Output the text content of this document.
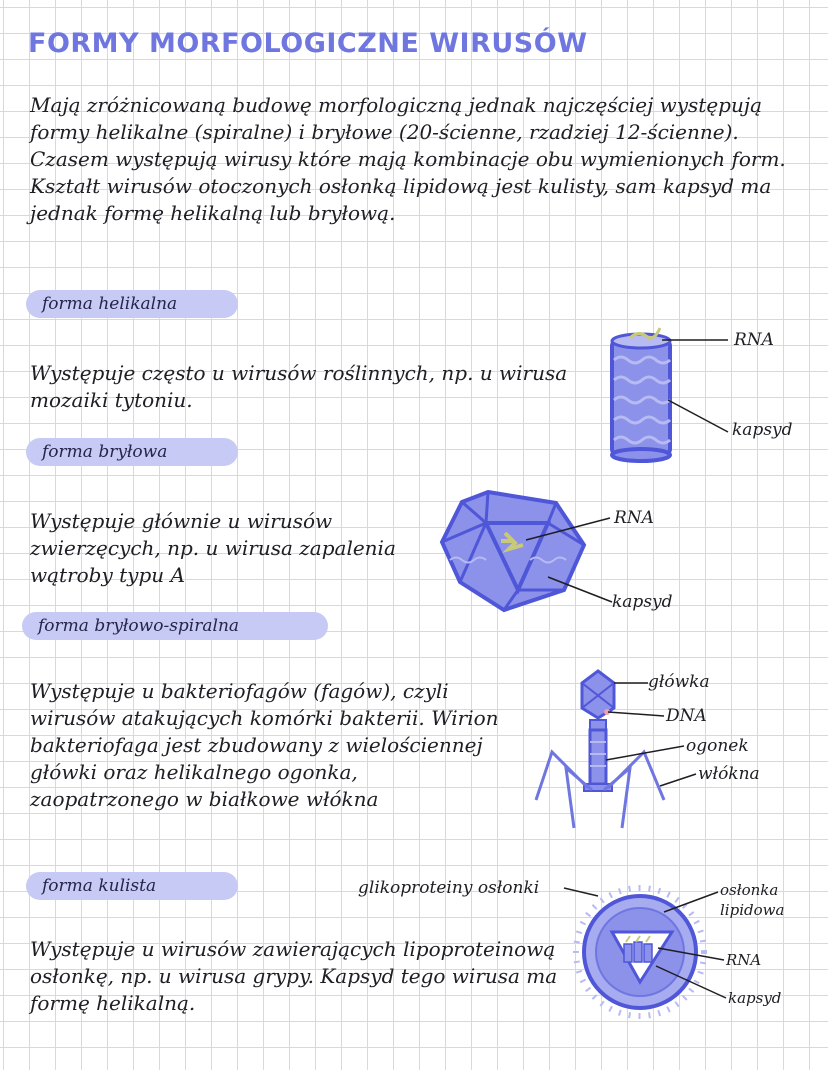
FORMY MORFOLOGICZNE WIRUSÓW

Mają zróżnicowaną budowę morfologiczną jednak najczęściej występują formy helikalne (spiralne) i bryłowe (20-ścienne, rzadziej 12-ścienne). Czasem występują wirusy które mają kombinacje obu wymienionych form. Kształt wirusów otoczonych osłonką lipidową jest kulisty, sam kapsyd ma jednak formę helikalną lub bryłową.

forma helikalna

Występuje często u wirusów roślinnych, np. u wirusa mozaiki tytoniu.

forma bryłowa

Występuje głównie u wirusów zwierzęcych, np. u wirusa zapalenia wątroby typu A

forma bryłowo-spiralna

Występuje u bakteriofagów (fagów), czyli wirusów atakujących komórki bakterii. Wirion bakteriofaga jest zbudowany z wielościennej główki oraz helikalnego ogonka, zaopatrzonego w białkowe włókna

forma kulista

Występuje u wirusów zawierających lipoproteinową osłonkę, np. u wirusa grypy. Kapsyd tego wirusa ma formę helikalną.

RNA
kapsyd
RNA
kapsyd
główka
DNA
ogonek
włókna
glikoproteiny osłonki	osłonka lipidowa
RNA
kapsyd
